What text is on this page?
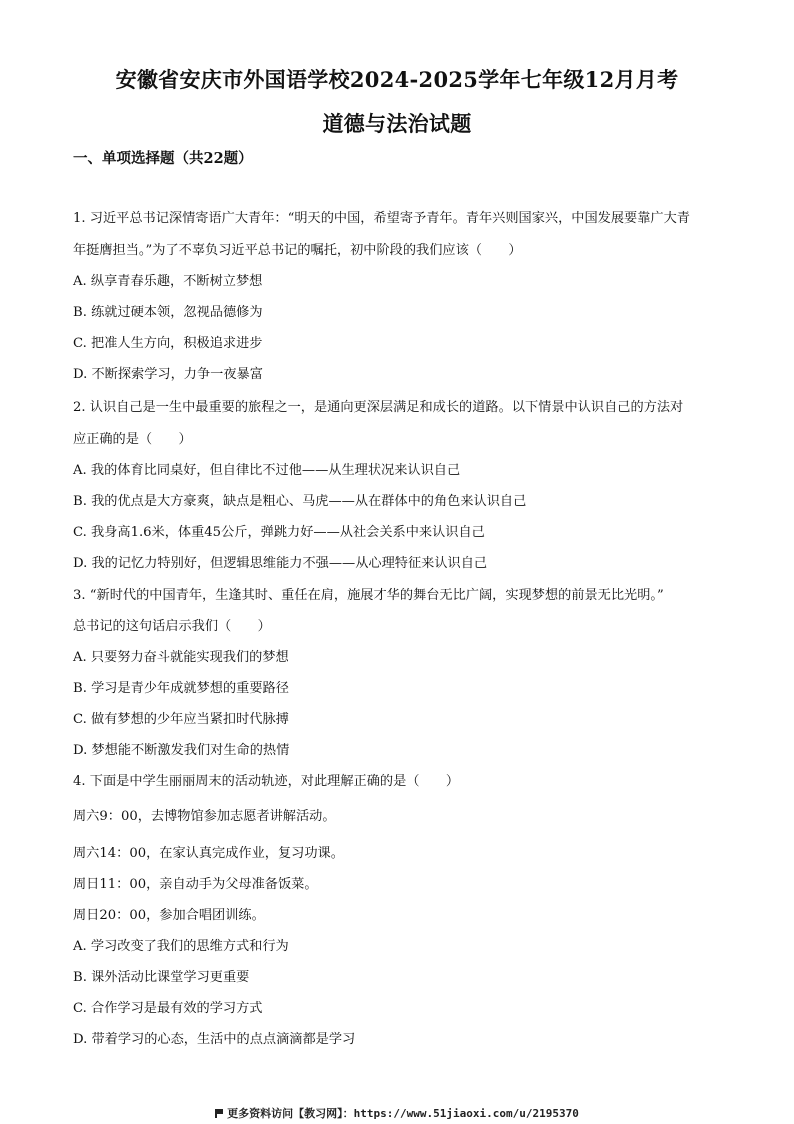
安徽省安庆市外国语学校2024-2025学年七年级12月月考
道德与法治试题
一、单项选择题（共22题）
1. 习近平总书记深情寄语广大青年：“明天的中国，希望寄予青年。青年兴则国家兴，中国发展要靠广大青
年挺膺担当。”为了不辜负习近平总书记的嘱托，初中阶段的我们应该（　　）
A. 纵享青春乐趣，不断树立梦想
B. 练就过硬本领，忽视品德修为
C. 把准人生方向，积极追求进步
D. 不断探索学习，力争一夜暴富
2. 认识自己是一生中最重要的旅程之一，是通向更深层满足和成长的道路。以下情景中认识自己的方法对
应正确的是（　　）
A. 我的体育比同桌好，但自律比不过他——从生理状况来认识自己
B. 我的优点是大方豪爽，缺点是粗心、马虎——从在群体中的角色来认识自己
C. 我身高1.6米，体重45公斤，弹跳力好——从社会关系中来认识自己
D. 我的记忆力特别好，但逻辑思维能力不强——从心理特征来认识自己
3. “新时代的中国青年，生逢其时、重任在肩，施展才华的舞台无比广阔，实现梦想的前景无比光明。”
总书记的这句话启示我们（　　）
A. 只要努力奋斗就能实现我们的梦想
B. 学习是青少年成就梦想的重要路径
C. 做有梦想的少年应当紧扣时代脉搏
D. 梦想能不断激发我们对生命的热情
4. 下面是中学生丽丽周末的活动轨迹，对此理解正确的是（　　）
周六9：00，去博物馆参加志愿者讲解活动。
周六14：00，在家认真完成作业，复习功课。
周日11：00，亲自动手为父母准备饭菜。
周日20：00，参加合唱团训练。
A. 学习改变了我们的思维方式和行为
B. 课外活动比课堂学习更重要
C. 合作学习是最有效的学习方式
D. 带着学习的心态，生活中的点点滴滴都是学习
更多资料访问【教习网】：https://www.51jiaoxi.com/u/2195370
